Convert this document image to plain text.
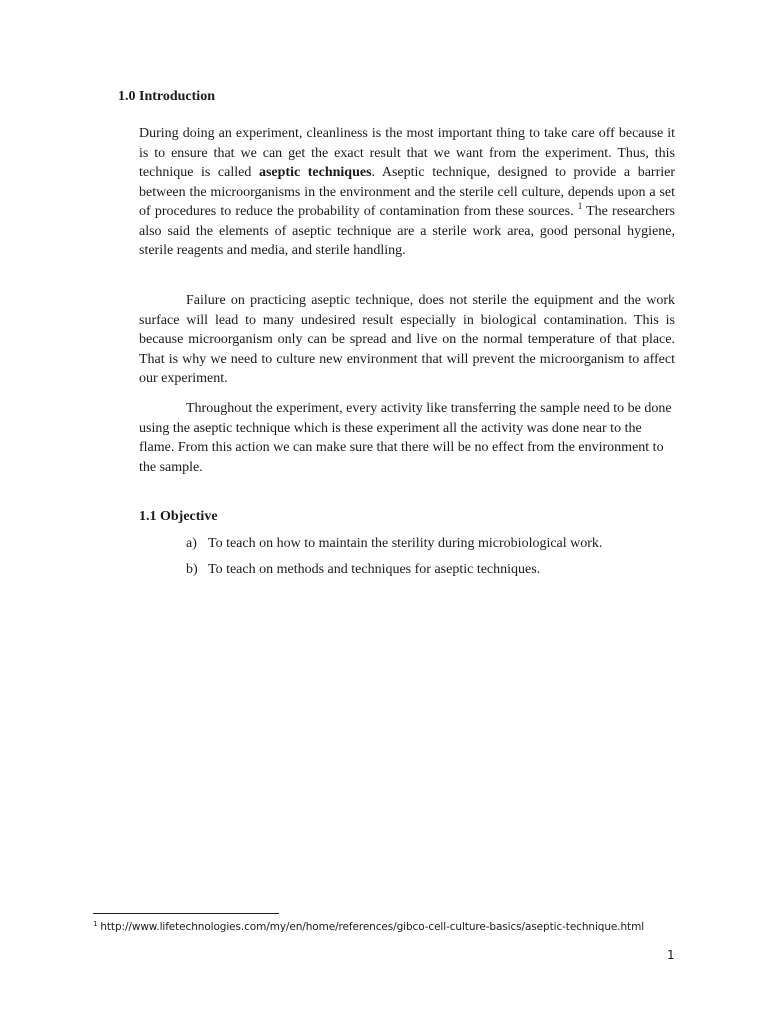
1.0 Introduction

During doing an experiment, cleanliness is the most important thing to take care off because it is to ensure that we can get the exact result that we want from the experiment. Thus, this technique is called aseptic techniques. Aseptic technique, designed to provide a barrier between the microorganisms in the environment and the sterile cell culture, depends upon a set of procedures to reduce the probability of contamination from these sources. $^1$ The researchers also said the elements of aseptic technique are a sterile work area, good personal hygiene, sterile reagents and media, and sterile handling.

Failure on practicing aseptic technique, does not sterile the equipment and the work surface will lead to many undesired result especially in biological contamination. This is because microorganism only can be spread and live on the normal temperature of that place. That is why we need to culture new environment that will prevent the microorganism to affect our experiment.

Throughout the experiment, every activity like transferring the sample need to be done using the aseptic technique which is these experiment all the activity was done near to the flame. From this action we can make sure that there will be no effect from the environment to the sample.

1.1 Objective
a) To teach on how to maintain the sterility during microbiological work.
b) To teach on methods and techniques for aseptic techniques.
$^1$ http://www.lifetechnologies.com/my/en/home/references/gibco-cell-culture-basics/aseptic-technique.html
1
